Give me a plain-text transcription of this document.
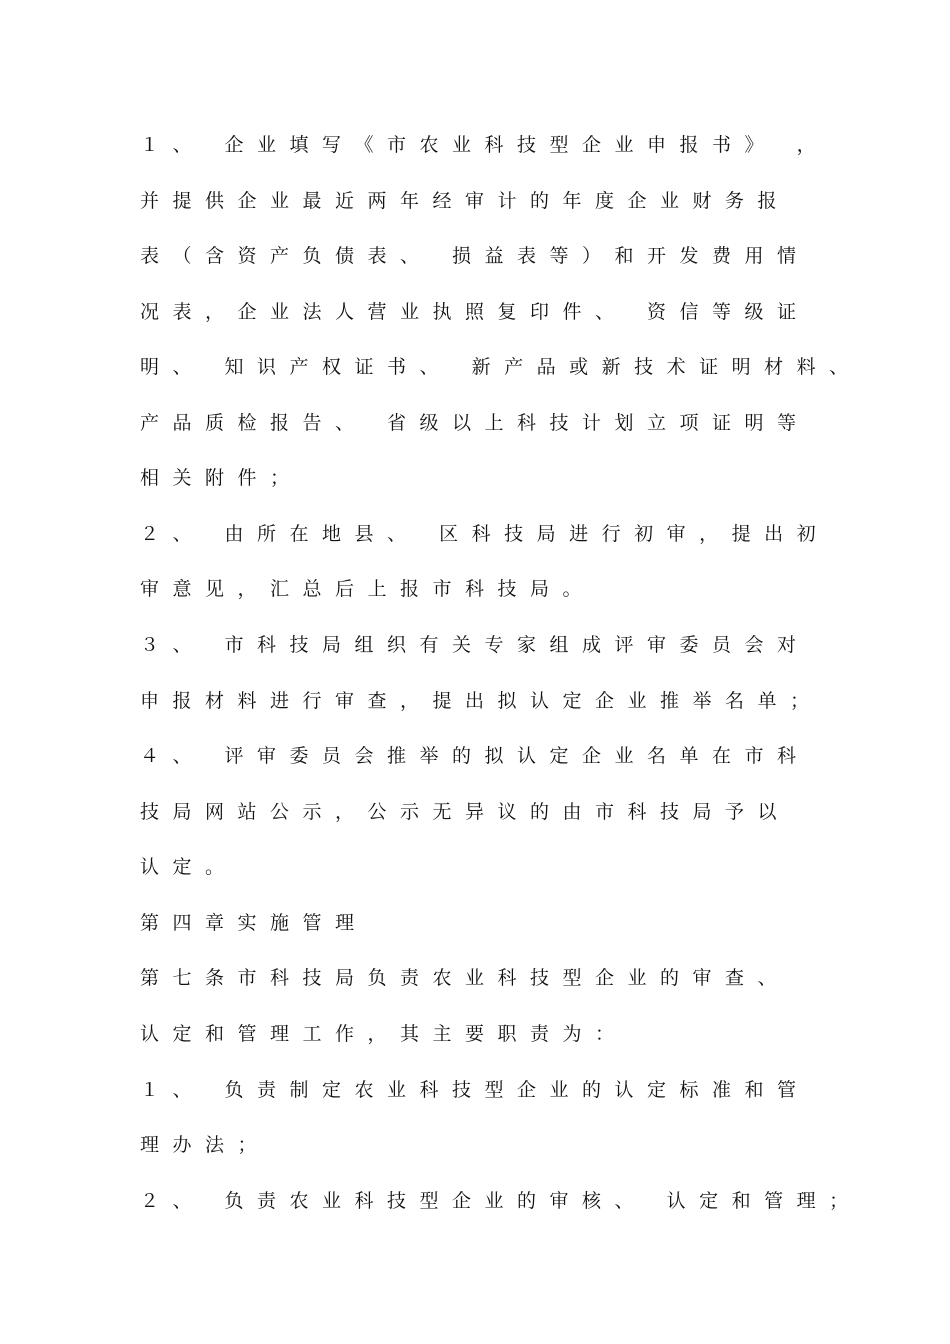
１、 企业填写《市农业科技型企业申报书》 ，
并提供企业最近两年经审计的年度企业财务报
表（含资产负债表、 损益表等）和开发费用情
况表，企业法人营业执照复印件、 资信等级证
明、 知识产权证书、 新产品或新技术证明材料、
产品质检报告、 省级以上科技计划立项证明等
相关附件；
２、 由所在地县、 区科技局进行初审，提出初
审意见，汇总后上报市科技局。
３、 市科技局组织有关专家组成评审委员会对
申报材料进行审查，提出拟认定企业推举名单；
４、 评审委员会推举的拟认定企业名单在市科
技局网站公示，公示无异议的由市科技局予以
认定。
第四章实施管理
第七条市科技局负责农业科技型企业的审查、
认定和管理工作，其主要职责为：
１、 负责制定农业科技型企业的认定标准和管
理办法；
２、 负责农业科技型企业的审核、 认定和管理；
